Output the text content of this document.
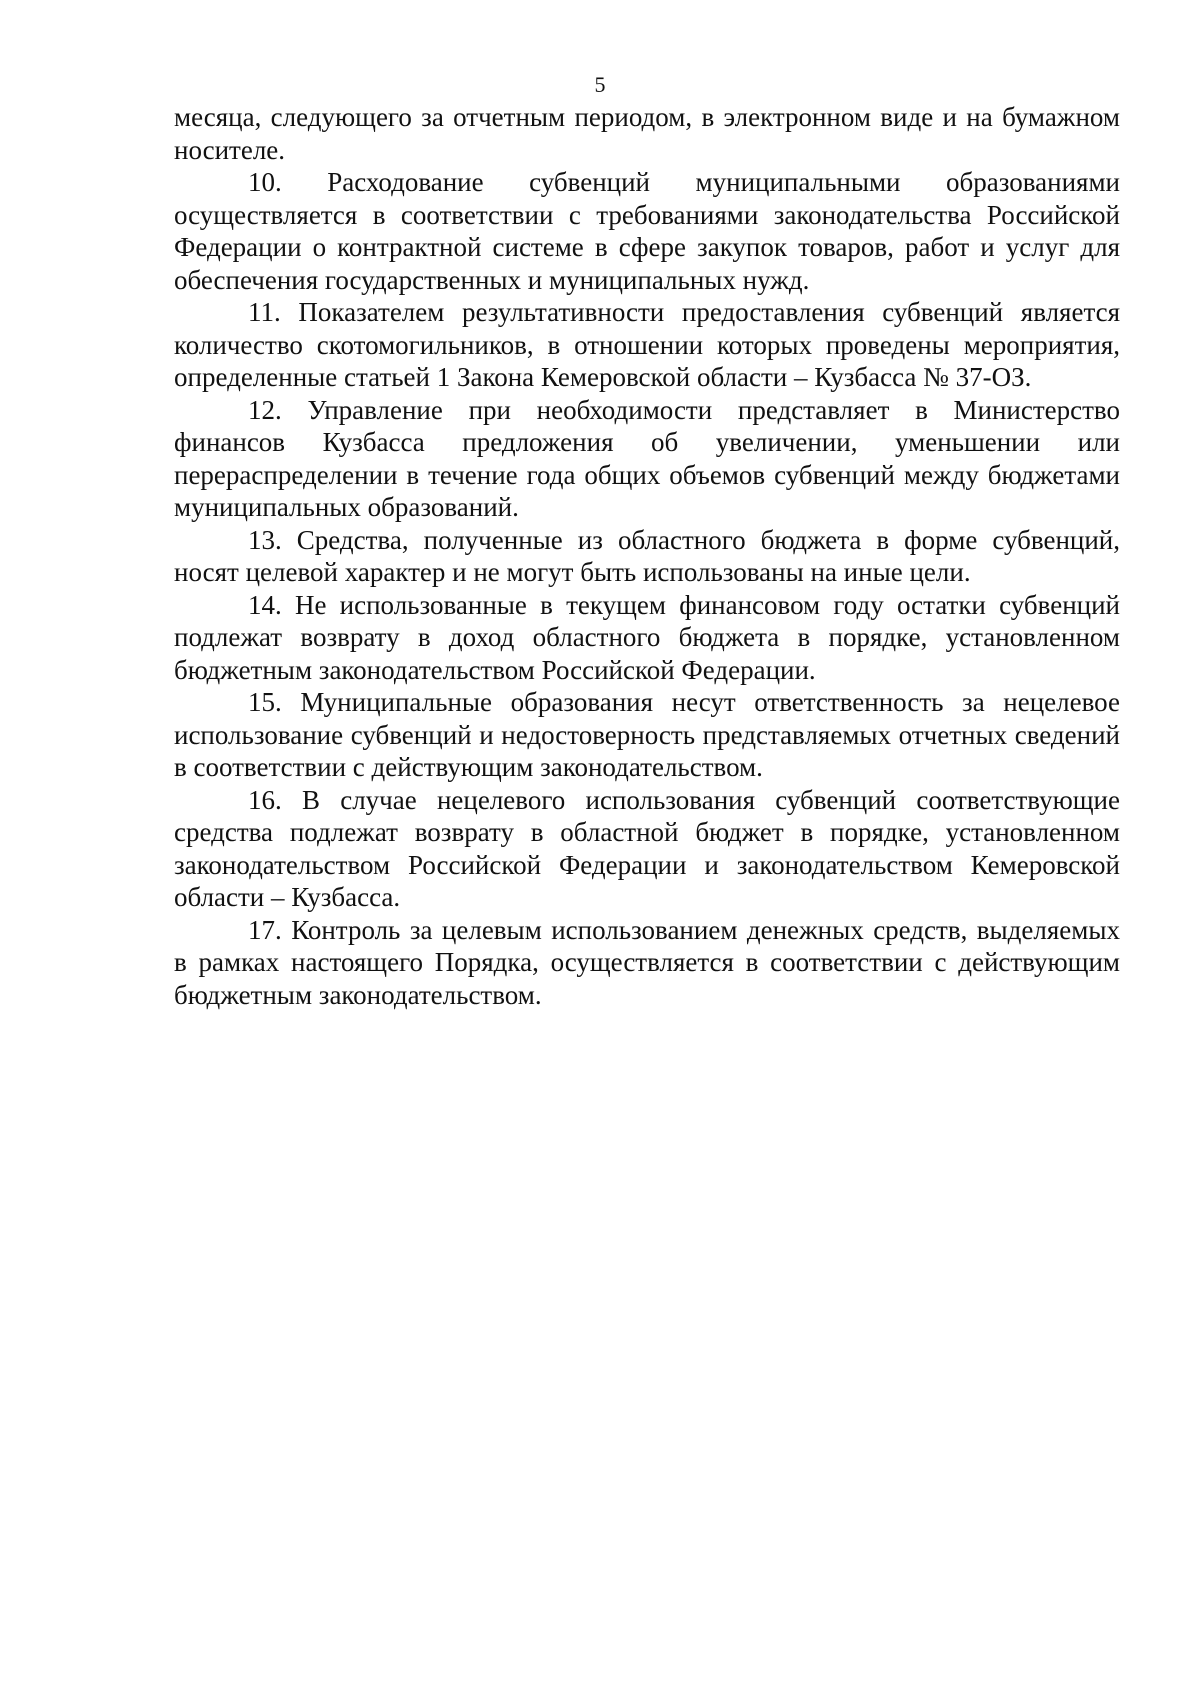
5

месяца, следующего за отчетным периодом, в электронном виде и на бумажном носителе.

10. Расходование субвенций муниципальными образованиями осуществляется в соответствии с требованиями законодательства Российской Федерации о контрактной системе в сфере закупок товаров, работ и услуг для обеспечения государственных и муниципальных нужд.

11. Показателем результативности предоставления субвенций является количество скотомогильников, в отношении которых проведены мероприятия, определенные статьей 1 Закона Кемеровской области – Кузбасса № 37-ОЗ.

12. Управление при необходимости представляет в Министерство финансов Кузбасса предложения об увеличении, уменьшении или перераспределении в течение года общих объемов субвенций между бюджетами муниципальных образований.

13. Средства, полученные из областного бюджета в форме субвенций, носят целевой характер и не могут быть использованы на иные цели.

14. Не использованные в текущем финансовом году остатки субвенций подлежат возврату в доход областного бюджета в порядке, установленном бюджетным законодательством Российской Федерации.

15. Муниципальные образования несут ответственность за нецелевое использование субвенций и недостоверность представляемых отчетных сведений в соответствии с действующим законодательством.

16. В случае нецелевого использования субвенций соответствующие средства подлежат возврату в областной бюджет в порядке, установленном законодательством Российской Федерации и законодательством Кемеровской области – Кузбасса.

17. Контроль за целевым использованием денежных средств, выделяемых в рамках настоящего Порядка, осуществляется в соответствии с действующим бюджетным законодательством.
